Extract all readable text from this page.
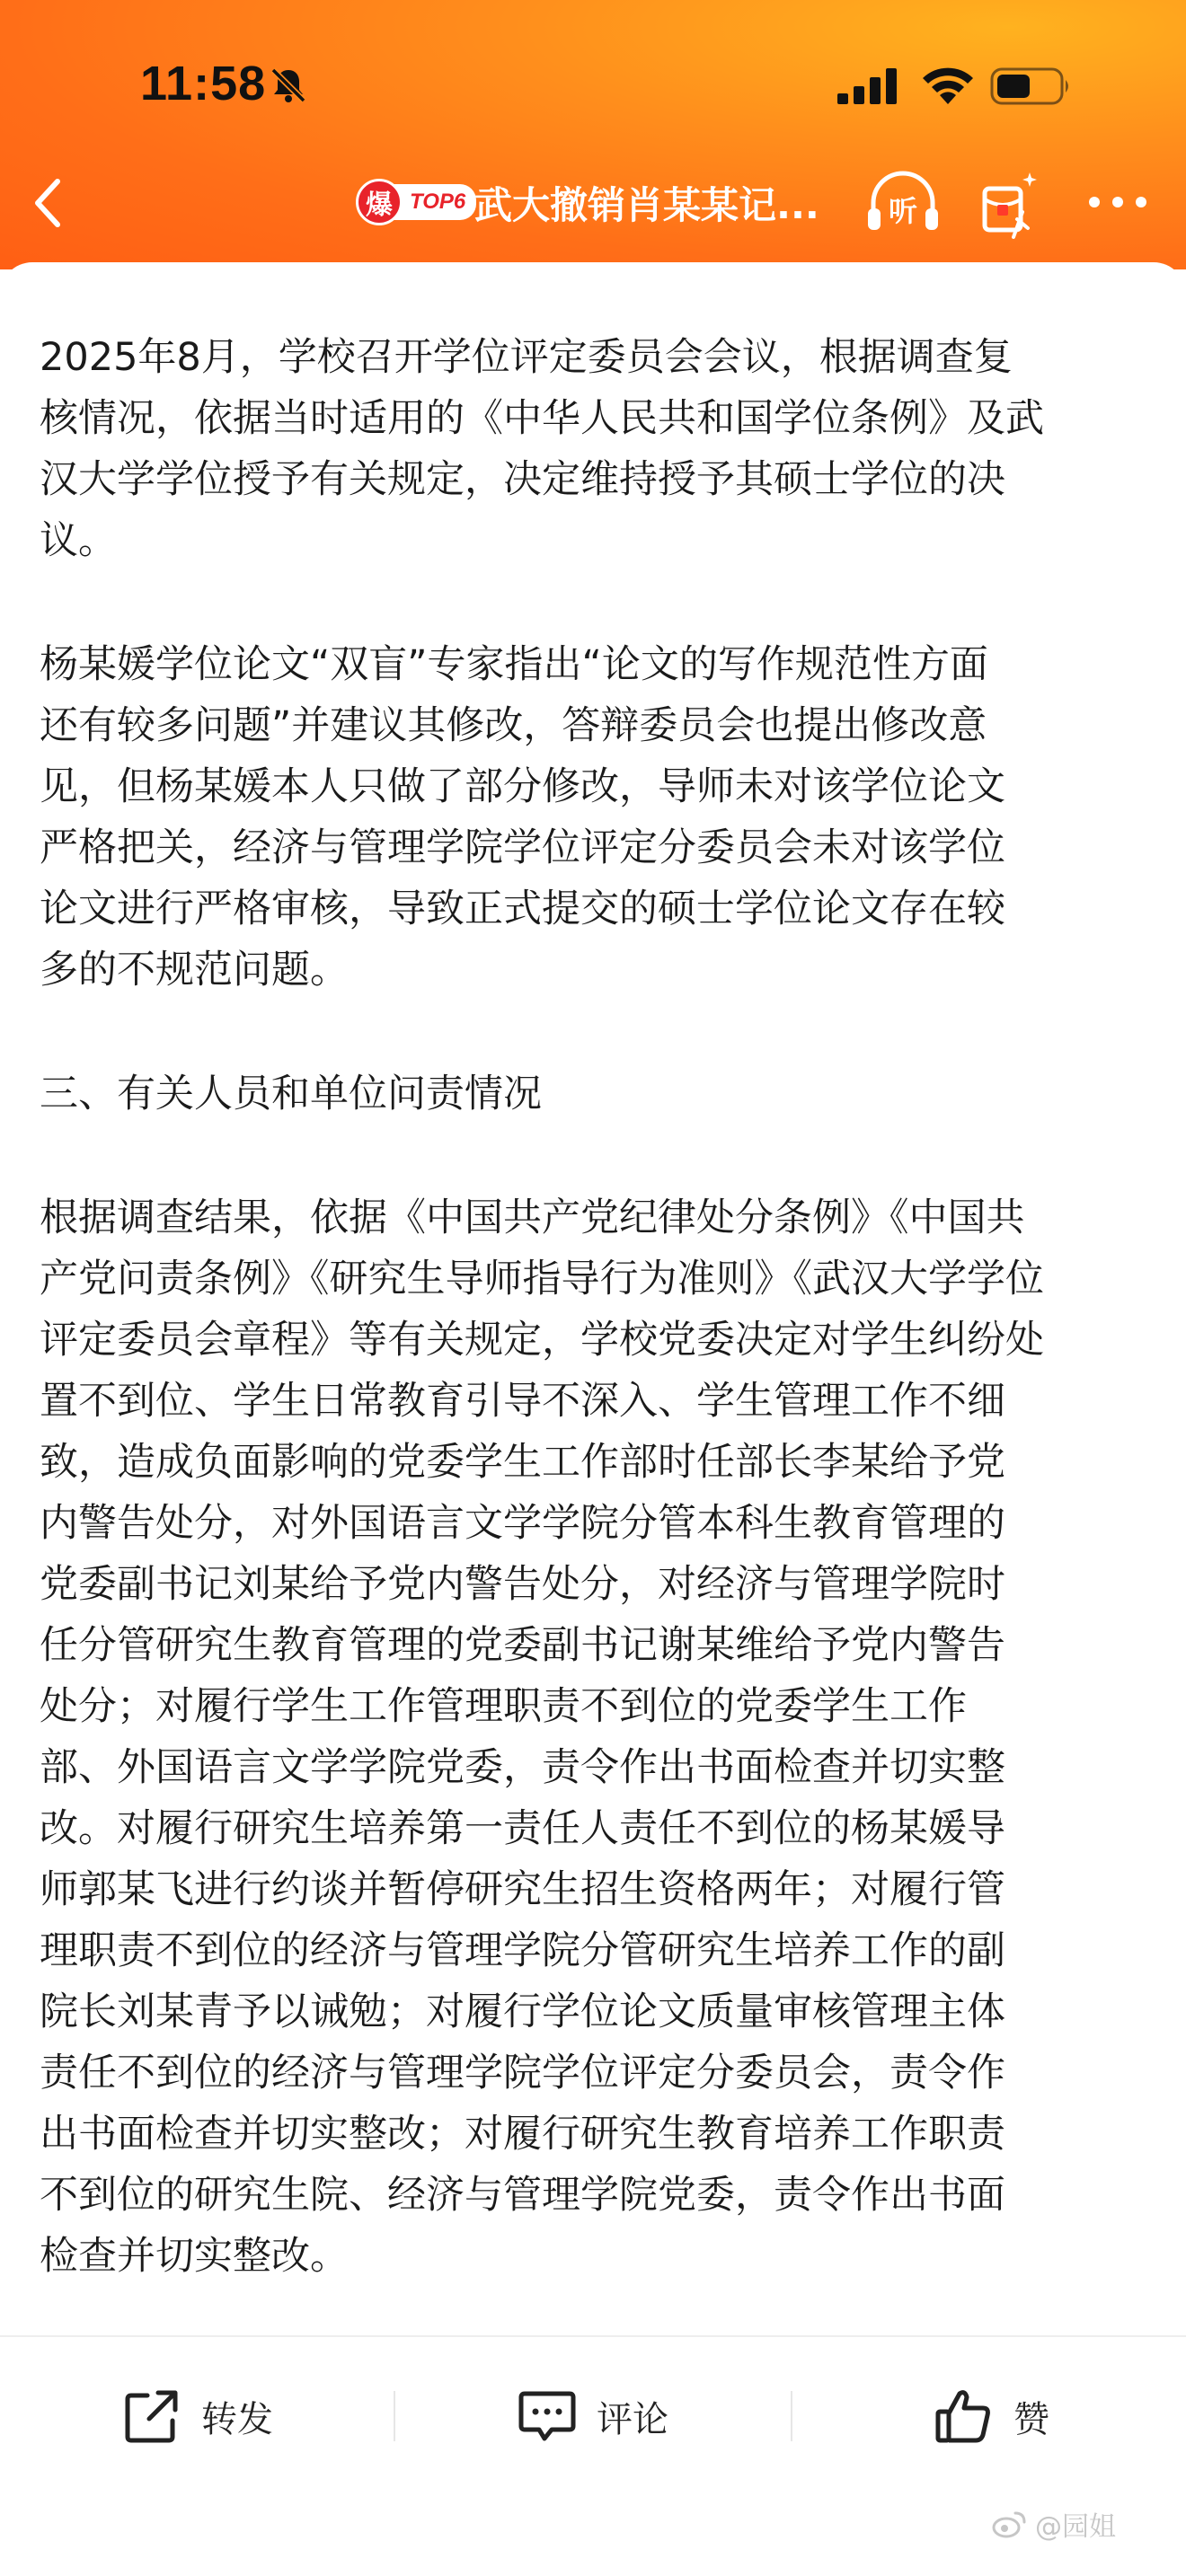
11:58
爆 TOP6 武大撤销肖某某记... 听

2025年8月，学校召开学位评定委员会会议，根据调查复
核情况，依据当时适用的《中华人民共和国学位条例》及武
汉大学学位授予有关规定，决定维持授予其硕士学位的决
议。

杨某媛学位论文“双盲”专家指出“论文的写作规范性方面
还有较多问题”并建议其修改，答辩委员会也提出修改意
见，但杨某媛本人只做了部分修改，导师未对该学位论文
严格把关，经济与管理学院学位评定分委员会未对该学位
论文进行严格审核，导致正式提交的硕士学位论文存在较
多的不规范问题。

三、有关人员和单位问责情况

根据调查结果，依据《中国共产党纪律处分条例》《中国共
产党问责条例》《研究生导师指导行为准则》《武汉大学学位
评定委员会章程》等有关规定，学校党委决定对学生纠纷处
置不到位、学生日常教育引导不深入、学生管理工作不细
致，造成负面影响的党委学生工作部时任部长李某给予党
内警告处分，对外国语言文学学院分管本科生教育管理的
党委副书记刘某给予党内警告处分，对经济与管理学院时
任分管研究生教育管理的党委副书记谢某维给予党内警告
处分；对履行学生工作管理职责不到位的党委学生工作
部、外国语言文学学院党委，责令作出书面检查并切实整
改。对履行研究生培养第一责任人责任不到位的杨某媛导
师郭某飞进行约谈并暂停研究生招生资格两年；对履行管
理职责不到位的经济与管理学院分管研究生培养工作的副
院长刘某青予以诫勉；对履行学位论文质量审核管理主体
责任不到位的经济与管理学院学位评定分委员会，责令作
出书面检查并切实整改；对履行研究生教育培养工作职责
不到位的研究生院、经济与管理学院党委，责令作出书面
检查并切实整改。

转发	评论	赞
@园姐
